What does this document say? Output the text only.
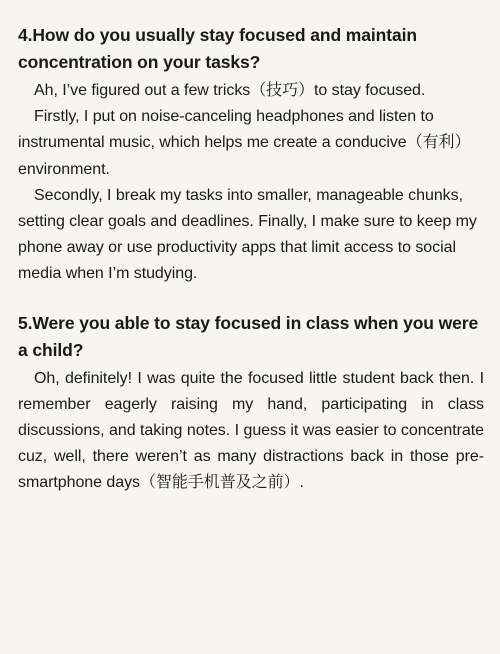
4.How do you usually stay focused and maintain concentration on your tasks?

Ah, I’ve figured out a few tricks（技巧）to stay focused.

Firstly, I put on noise-canceling headphones and listen to instrumental music, which helps me create a conducive（有利）environment.

Secondly, I break my tasks into smaller, manageable chunks, setting clear goals and deadlines. Finally, I make sure to keep my phone away or use productivity apps that limit access to social media when I’m studying.

5.Were you able to stay focused in class when you were a child?

Oh, definitely! I was quite the focused little student back then. I remember eagerly raising my hand, participating in class discussions, and taking notes. I guess it was easier to concentrate cuz, well, there weren’t as many distractions back in those pre-smartphone days（智能手机普及之前）.
